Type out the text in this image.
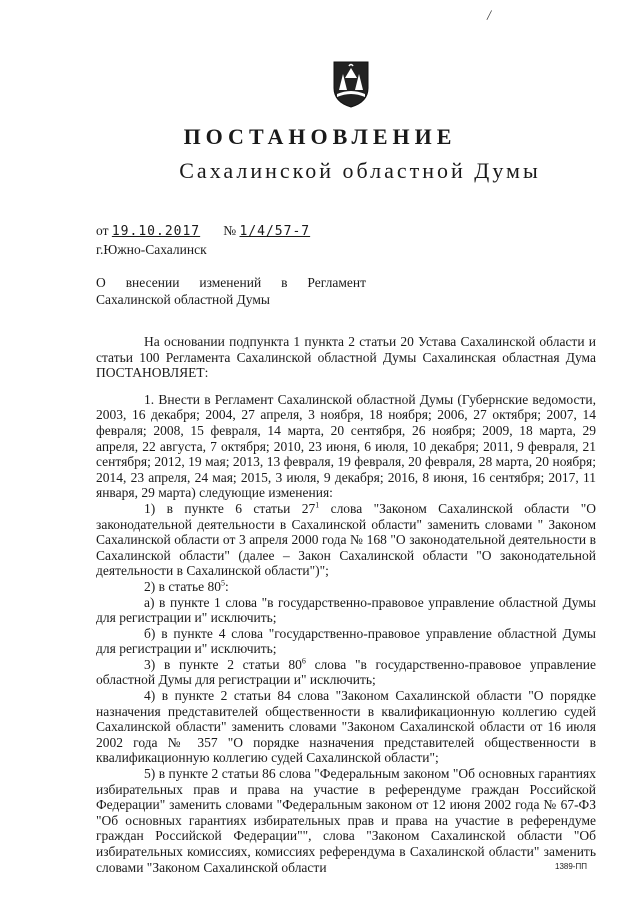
/
ПОСТАНОВЛЕНИЕ
Сахалинской областной Думы
от 19.10.2017 № 1/4/57-7
г.Южно-Сахалинск
О внесении изменений в Регламент
Сахалинской областной Думы

На основании подпункта 1 пункта 2 статьи 20 Устава Сахалинской области и статьи 100 Регламента Сахалинской областной Думы Сахалинская областная Дума ПОСТАНОВЛЯЕТ:

1. Внести в Регламент Сахалинской областной Думы (Губернские ведомости, 2003, 16 декабря; 2004, 27 апреля, 3 ноября, 18 ноября; 2006, 27 октября; 2007, 14 февраля; 2008, 15 февраля, 14 марта, 20 сентября, 26 ноября; 2009, 18 марта, 29 апреля, 22 августа, 7 октября; 2010, 23 июня, 6 июля, 10 декабря; 2011, 9 февраля, 21 сентября; 2012, 19 мая; 2013, 13 февраля, 19 февраля, 20 февраля, 28 марта, 20 ноября; 2014, 23 апреля, 24 мая; 2015, 3 июля, 9 декабря; 2016, 8 июня, 16 сентября; 2017, 11 января, 29 марта) следующие изменения:

1) в пункте 6 статьи $27^1$ слова "Законом Сахалинской области "О законодательной деятельности в Сахалинской области" заменить словами " Законом Сахалинской области от 3 апреля 2000 года № 168 "О законодательной деятельности в Сахалинской области" (далее – Закон Сахалинской области "О законодательной деятельности в Сахалинской области")";

2) в статье $80^5$:

а) в пункте 1 слова "в государственно-правовое управление областной Думы для регистрации и" исключить;

б) в пункте 4 слова "государственно-правовое управление областной Думы для регистрации и" исключить;

3) в пункте 2 статьи $80^6$ слова "в государственно-правовое управление областной Думы для регистрации и" исключить;

4) в пункте 2 статьи 84 слова "Законом Сахалинской области "О порядке назначения представителей общественности в квалификационную коллегию судей Сахалинской области" заменить словами "Законом Сахалинской области от 16 июля 2002 года № 357 "О порядке назначения представителей общественности в квалификационную коллегию судей Сахалинской области";

5) в пункте 2 статьи 86 слова "Федеральным законом "Об основных гарантиях избирательных прав и права на участие в референдуме граждан Российской Федерации" заменить словами "Федеральным законом от 12 июня 2002 года № 67-ФЗ "Об основных гарантиях избирательных прав и права на участие в референдуме граждан Российской Федерации"", слова "Законом Сахалинской области "Об избирательных комиссиях, комиссиях референдума в Сахалинской области" заменить словами "Законом Сахалинской области	1389-ПП
